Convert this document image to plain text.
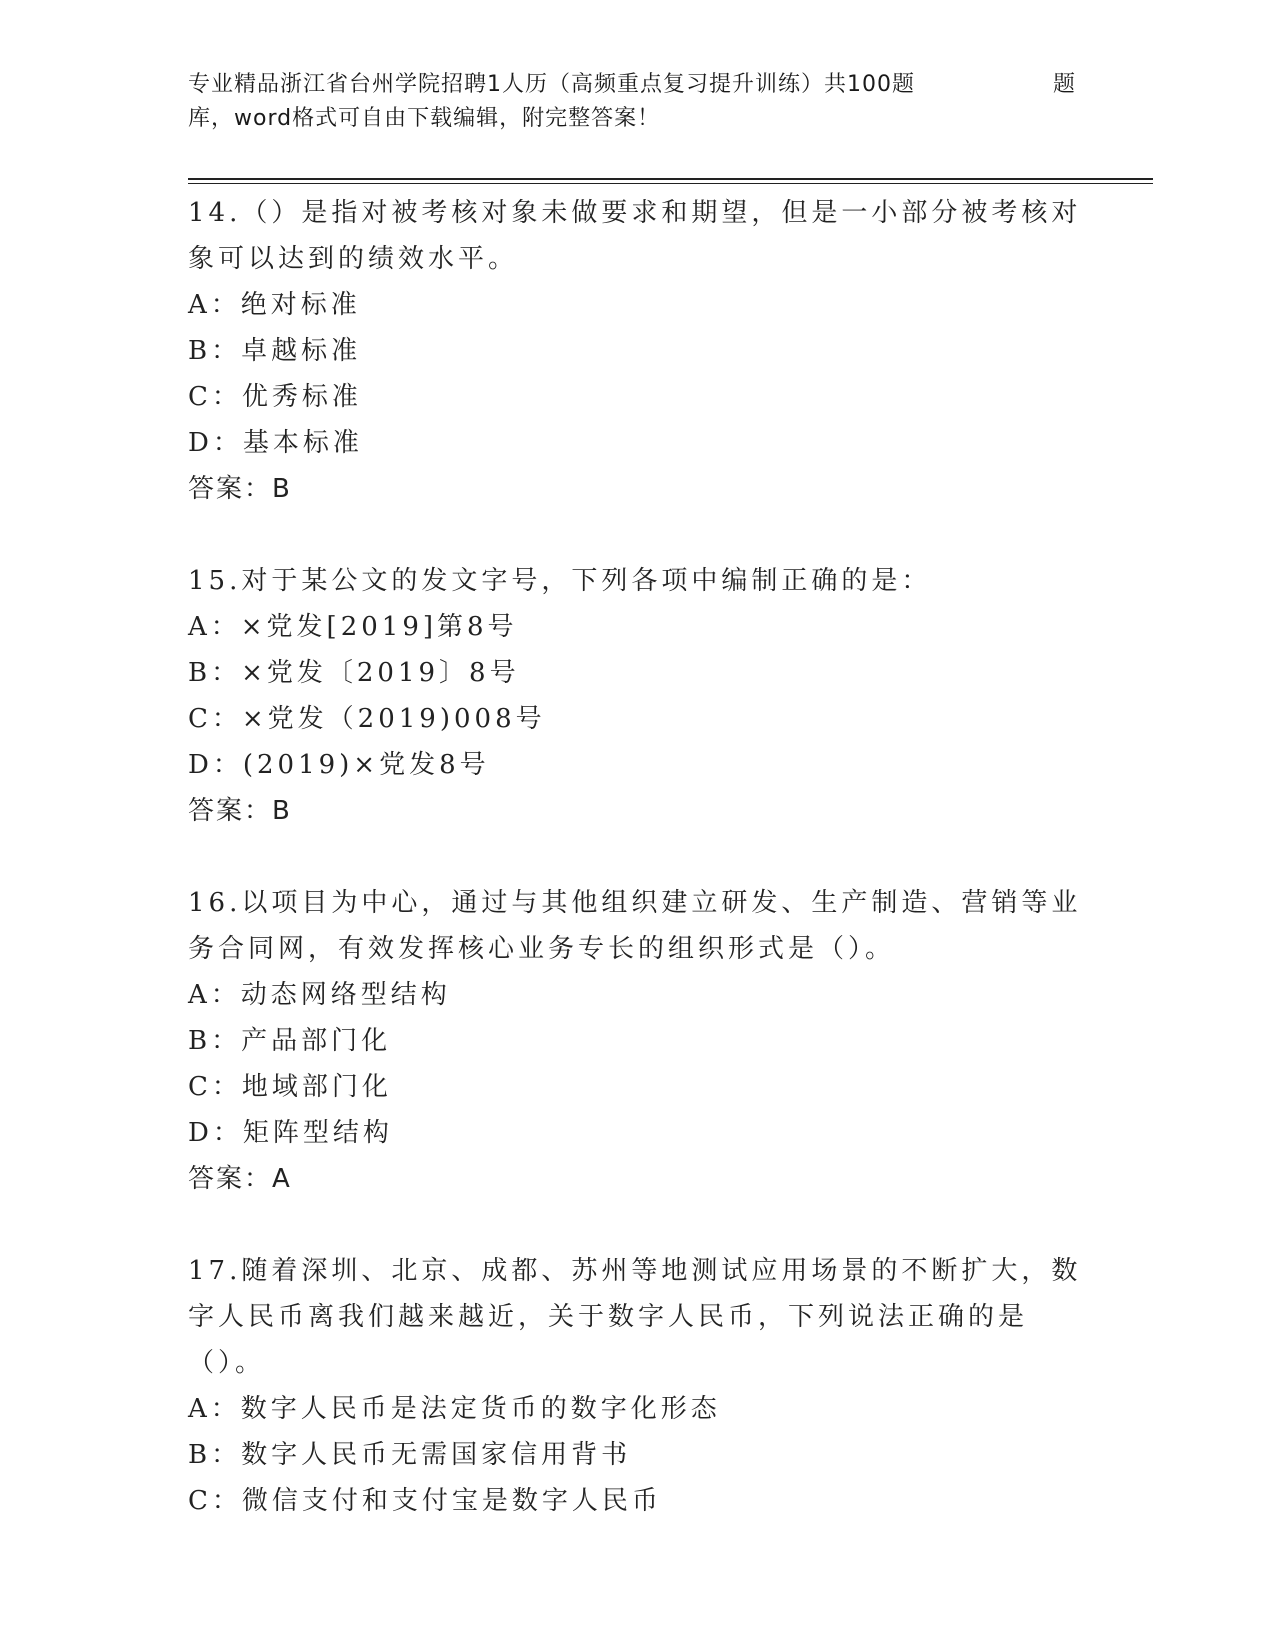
专业精品浙江省台州学院招聘1人历（高频重点复习提升训练）共100题	题
库，word格式可自由下载编辑，附完整答案！

14.（）是指对被考核对象未做要求和期望，但是一小部分被考核对象可以达到的绩效水平。

A：绝对标准

B：卓越标准

C：优秀标准

D：基本标准

答案：B

15.对于某公文的发文字号，下列各项中编制正确的是：

A：×党发[2019]第8号

B：×党发〔2019〕8号

C：×党发（2019)008号

D：(2019)×党发8号

答案：B

16.以项目为中心，通过与其他组织建立研发、生产制造、营销等业务合同网，有效发挥核心业务专长的组织形式是（）。

A：动态网络型结构

B：产品部门化

C：地域部门化

D：矩阵型结构

答案：A

17.随着深圳、北京、成都、苏州等地测试应用场景的不断扩大，数字人民币离我们越来越近，关于数字人民币，下列说法正确的是（）。

A：数字人民币是法定货币的数字化形态

B：数字人民币无需国家信用背书

C：微信支付和支付宝是数字人民币
